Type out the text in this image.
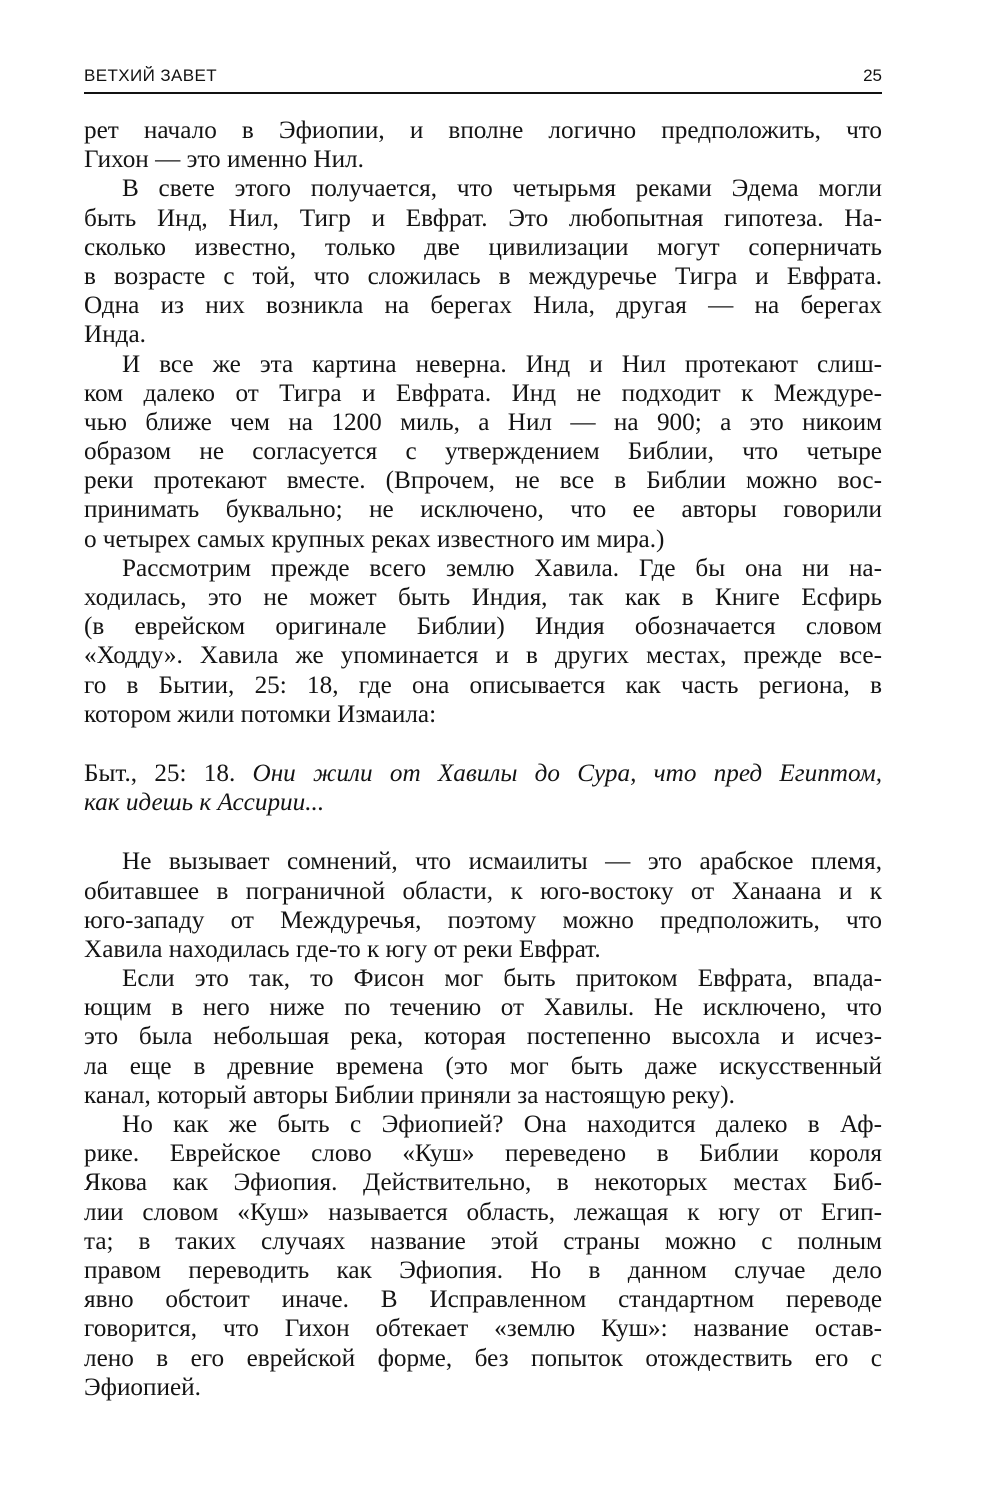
ВЕТХИЙ ЗАВЕТ	25
рет начало в Эфиопии, и вполне логично предположить, что
Гихон — это именно Нил.
В свете этого получается, что четырьмя реками Эдема могли
быть Инд, Нил, Тигр и Евфрат. Это любопытная гипотеза. На-
сколько известно, только две цивилизации могут соперничать
в возрасте с той, что сложилась в междуречье Тигра и Евфрата.
Одна из них возникла на берегах Нила, другая — на берегах
Инда.
И все же эта картина неверна. Инд и Нил протекают слиш-
ком далеко от Тигра и Евфрата. Инд не подходит к Междуре-
чью ближе чем на 1200 миль, а Нил — на 900; а это никоим
образом не согласуется с утверждением Библии, что четыре
реки протекают вместе. (Впрочем, не все в Библии можно вос-
принимать буквально; не исключено, что ее авторы говорили
о четырех самых крупных реках известного им мира.)
Рассмотрим прежде всего землю Хавила. Где бы она ни на-
ходилась, это не может быть Индия, так как в Книге Есфирь
(в еврейском оригинале Библии) Индия обозначается словом
«Ходду». Хавила же упоминается и в других местах, прежде все-
го в Бытии, 25: 18, где она описывается как часть региона, в
котором жили потомки Измаила:
Быт., 25: 18. Они жили от Хавилы до Сура, что пред Египтом,
как идешь к Ассирии...
Не вызывает сомнений, что исмаилиты — это арабское племя,
обитавшее в пограничной области, к юго-востоку от Ханаана и к
юго-западу от Междуречья, поэтому можно предположить, что
Хавила находилась где-то к югу от реки Евфрат.
Если это так, то Фисон мог быть притоком Евфрата, впада-
ющим в него ниже по течению от Хавилы. Не исключено, что
это была небольшая река, которая постепенно высохла и исчез-
ла еще в древние времена (это мог быть даже искусственный
канал, который авторы Библии приняли за настоящую реку).
Но как же быть с Эфиопией? Она находится далеко в Аф-
рике. Еврейское слово «Куш» переведено в Библии короля
Якова как Эфиопия. Действительно, в некоторых местах Биб-
лии словом «Куш» называется область, лежащая к югу от Егип-
та; в таких случаях название этой страны можно с полным
правом переводить как Эфиопия. Но в данном случае дело
явно обстоит иначе. В Исправленном стандартном переводе
говорится, что Гихон обтекает «землю Куш»: название остав-
лено в его еврейской форме, без попыток отождествить его с
Эфиопией.
